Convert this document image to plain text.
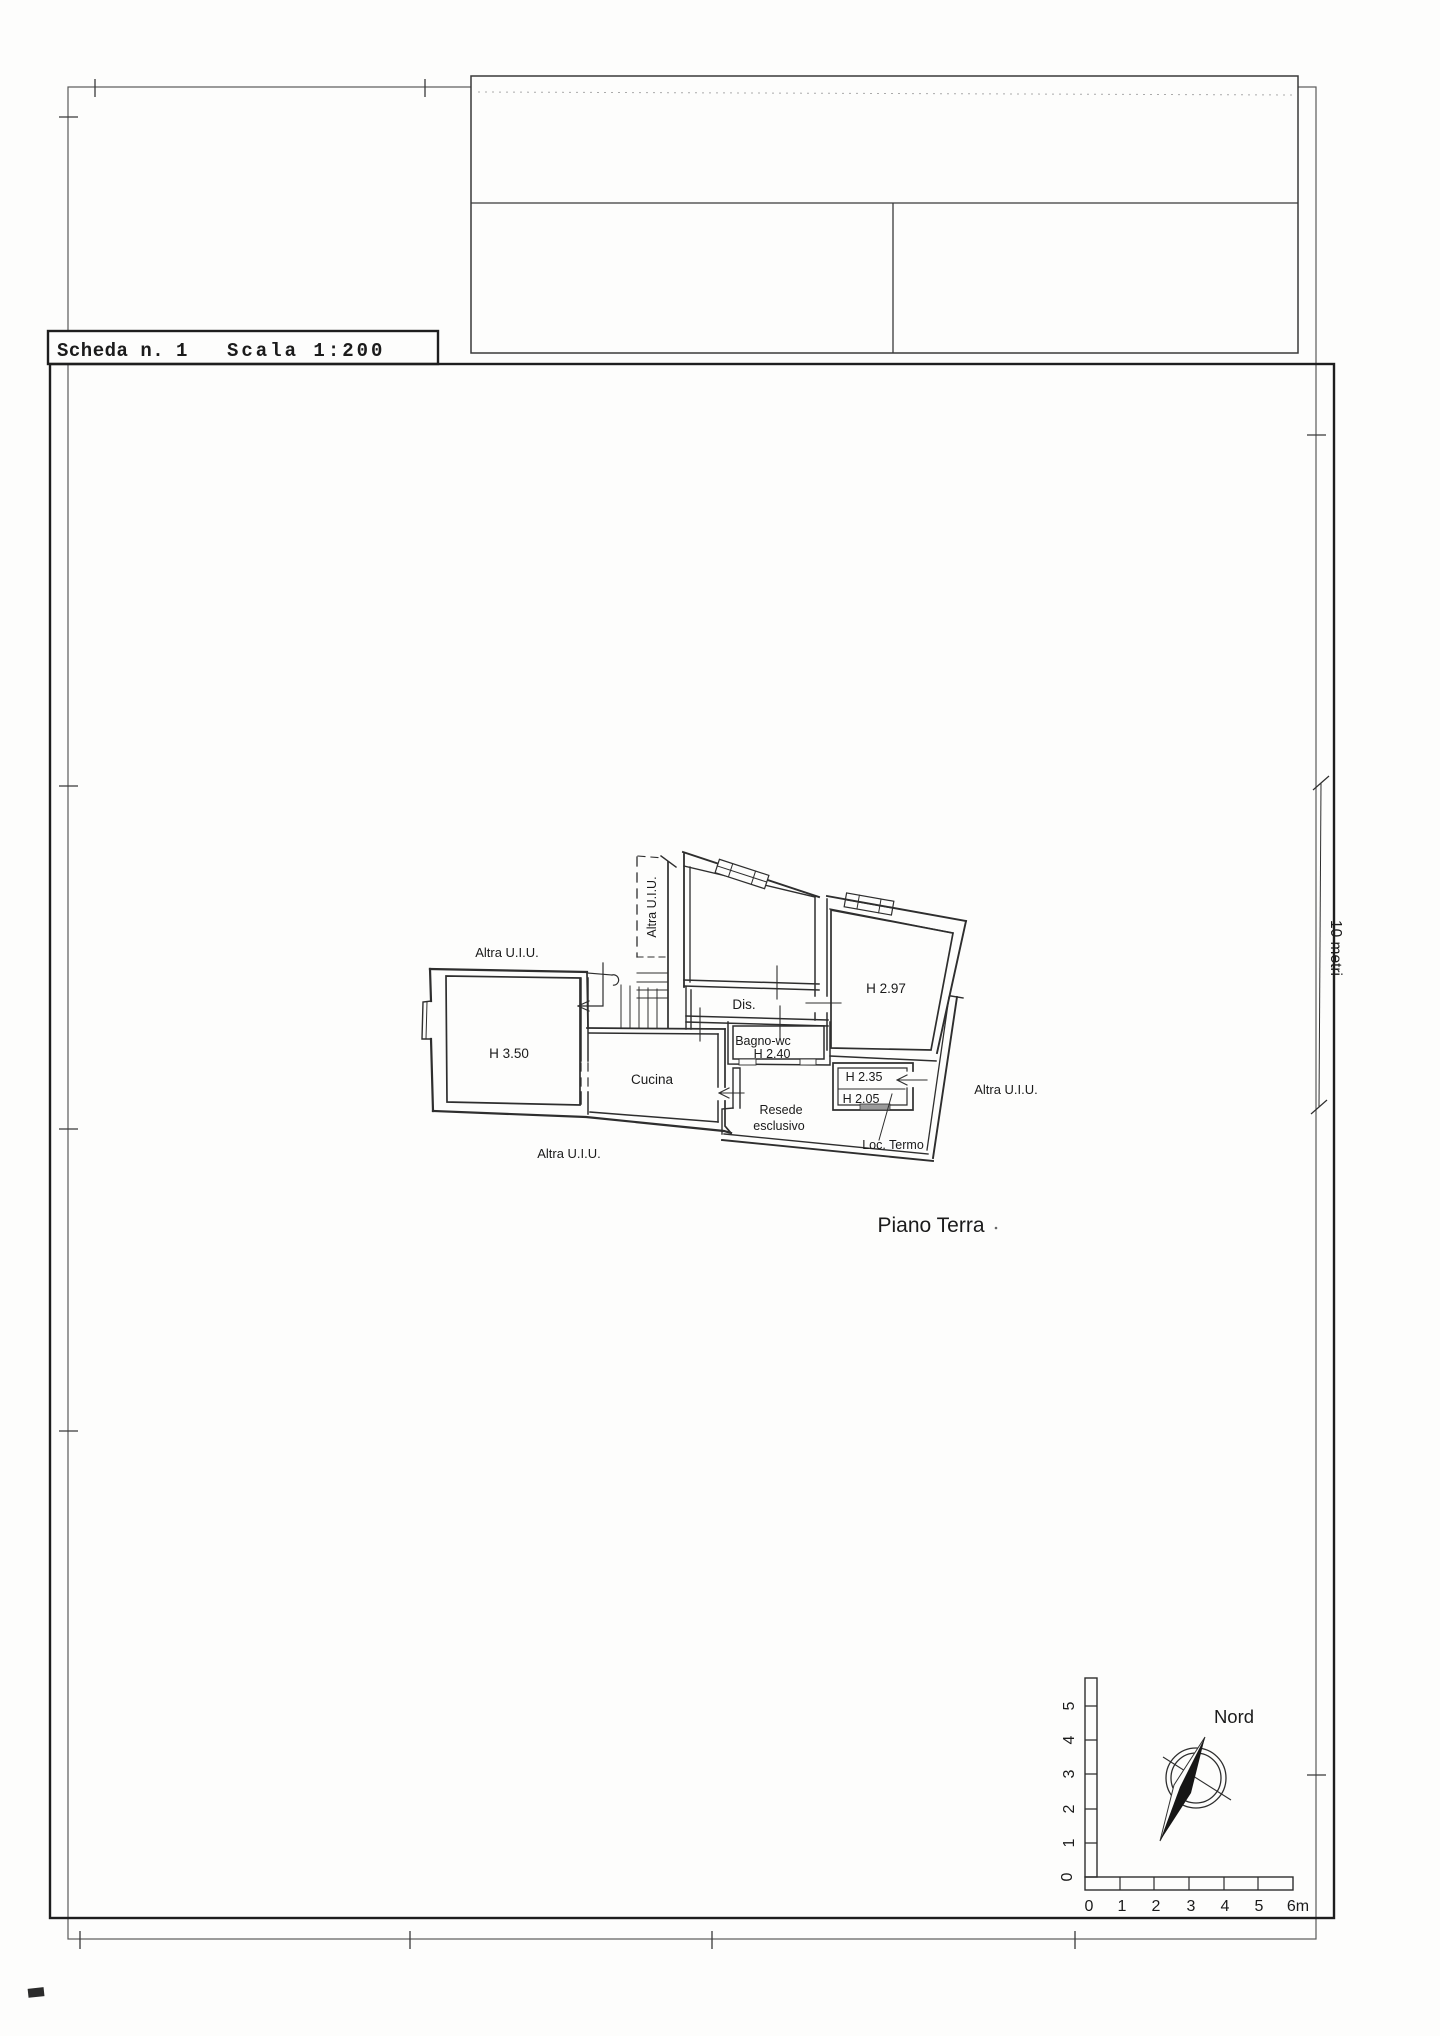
Scheda n. 1 Scala 1:200
10 metri
Altra U.I.U.
Altra U.I.U.
Altra U.I.U.
Altra U.I.U.
H 3.50
Cucina
Dis.
Bagno-wc
H 2.40
H 2.97
H 2.35
H 2.05
Resede
esclusivo
Loc. Termo
Piano Terra
5
4
3
2
1
0
0 1 2 3 4 5 6m
Nord
